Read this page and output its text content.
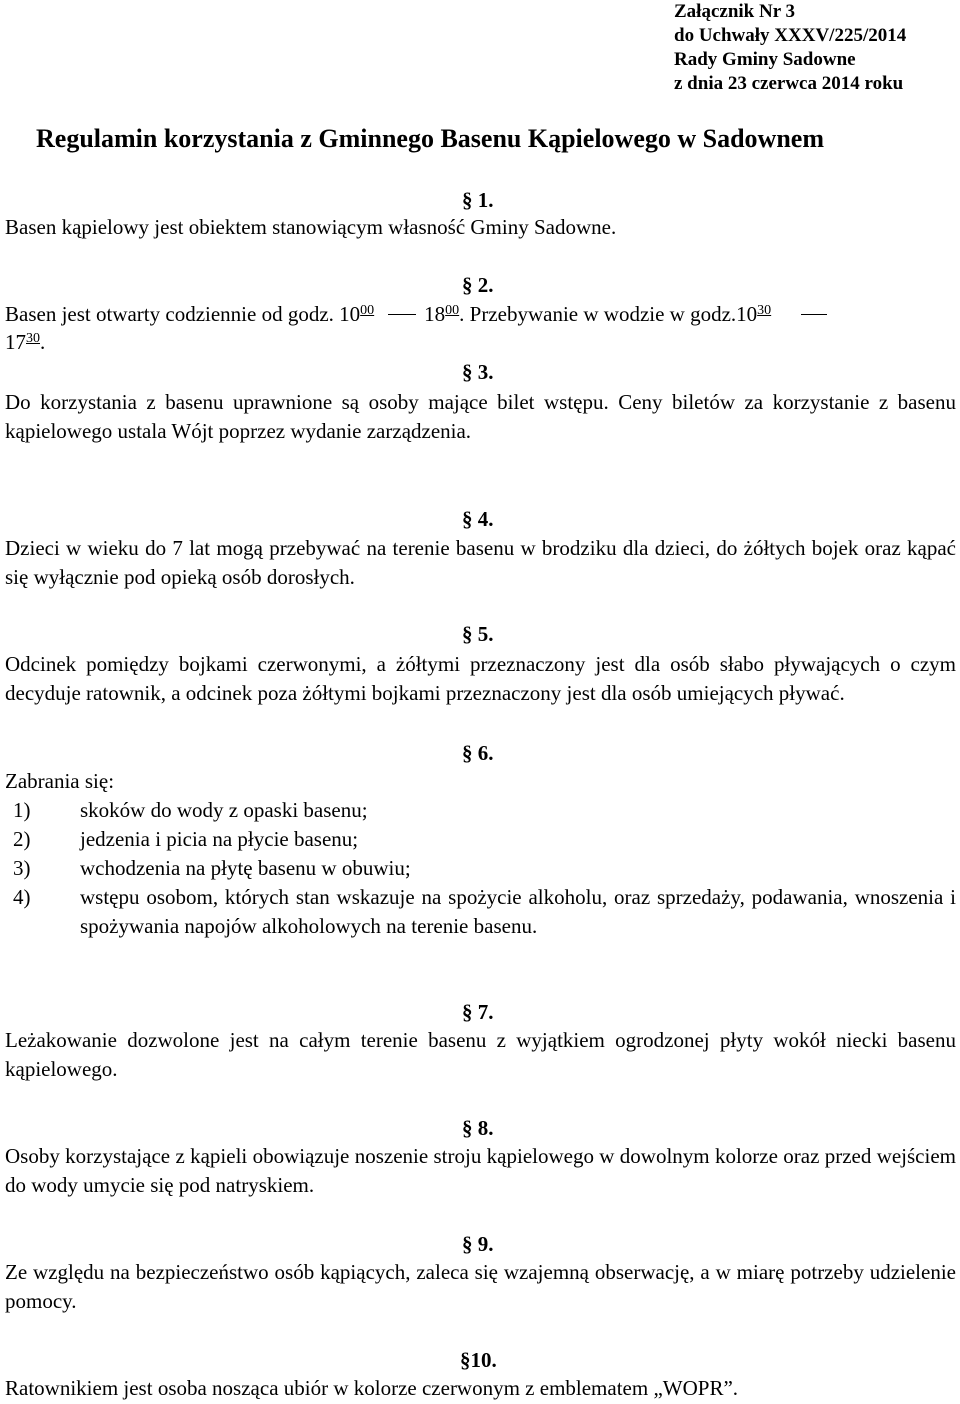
Załącznik Nr 3
do Uchwały XXXV/225/2014
Rady Gminy Sadowne
z dnia 23 czerwca 2014 roku
Regulamin korzystania z Gminnego Basenu Kąpielowego w Sadownem
§ 1.
Basen kąpielowy jest obiektem stanowiącym własność Gminy Sadowne.
§ 2.
Basen jest otwarty codziennie od godz. $10^{00}$ $18^{00}$. Przebywanie w wodzie w $godz.10^{30}$
$17^{30}$.
§ 3.
Do korzystania z basenu uprawnione są osoby mające bilet wstępu. Ceny biletów za korzystanie z basenu kąpielowego ustala Wójt poprzez wydanie zarządzenia.
§ 4.
Dzieci w wieku do 7 lat mogą przebywać na terenie basenu w brodziku dla dzieci, do żółtych bojek oraz kąpać się wyłącznie pod opieką osób dorosłych.
§ 5.
Odcinek pomiędzy bojkami czerwonymi, a żółtymi przeznaczony jest dla osób słabo pływających o czym decyduje ratownik, a odcinek poza żółtymi bojkami przeznaczony jest dla osób umiejących pływać.
§ 6.
Zabrania się:
1) skoków do wody z opaski basenu;
2) jedzenia i picia na płycie basenu;
3) wchodzenia na płytę basenu w obuwiu;
4) wstępu osobom, których stan wskazuje na spożycie alkoholu, oraz sprzedaży, podawania, wnoszenia i spożywania napojów alkoholowych na terenie basenu.
§ 7.
Leżakowanie dozwolone jest na całym terenie basenu z wyjątkiem ogrodzonej płyty wokół niecki basenu kąpielowego.
§ 8.
Osoby korzystające z kąpieli obowiązuje noszenie stroju kąpielowego w dowolnym kolorze oraz przed wejściem do wody umycie się pod natryskiem.
§ 9.
Ze względu na bezpieczeństwo osób kąpiących, zaleca się wzajemną obserwację, a w miarę potrzeby udzielenie pomocy.
§10.
Ratownikiem jest osoba nosząca ubiór w kolorze czerwonym z emblematem „WOPR”.
